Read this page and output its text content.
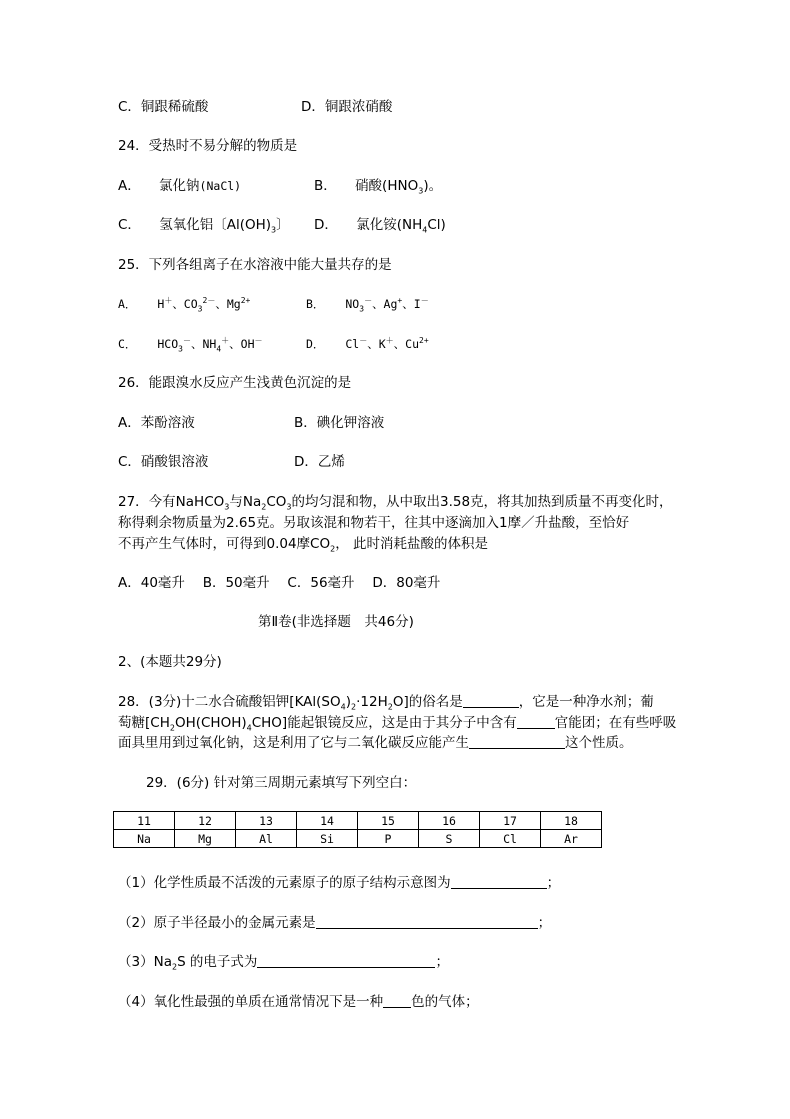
C．铜跟稀硫酸	D．铜跟浓硝酸
24．受热时不易分解的物质是
A． 氯化钠(NaCl)	B． 硝酸$(HNO_3)$。
C． 氢氧化铝〔$Al(OH)_3$〕 D． 氯化铵$(NH_4Cl)$
25．下列各组离子在水溶液中能大量共存的是
A． H＋、$CO_3^{2-}$、$Mg^{2+}$	B． $NO_3^-$、Ag+、I－
C． $HCO_3^-$、$NH_4^+$、OH－	D． Cl－、K＋、$Cu^{2+}$
26．能跟溴水反应产生浅黄色沉淀的是
A．苯酚溶液	B．碘化钾溶液
C．硝酸银溶液	D．乙烯
27．今有NaHCO$_3$与$Na_2CO_3$的均匀混和物，从中取出3.58克，将其加热到质量不再变化时，
称得剩余物质量为2.65克。另取该混和物若干，往其中逐滴加入1摩／升盐酸，至恰好
不再产生气体时，可得到0.04摩$CO_2$， 此时消耗盐酸的体积是
A．40毫升　 B．50毫升　 C．56毫升　 D．80毫升
第Ⅱ卷(非选择题　共46分)
2、(本题共29分)
28．(3分)十二水合硫酸铝钾$[KAl(SO_4)_2\cdot 12H_2O]$的俗名是	，它是一种净水剂；葡
萄糖$[CH_2OH(CHOH)_4CHO]$能起银镜反应，这是由于其分子中含有	官能团；在有些呼吸
面具里用到过氧化钠，这是利用了它与二氧化碳反应能产生	这个性质。
29．(6分) 针对第三周期元素填写下列空白：
11	12	13	14	15	16	17	18
Na	Mg	Al	Si	P	S	Cl	Ar
（1）化学性质最不活泼的元素原子的原子结构示意图为	；
（2）原子半径最小的金属元素是	；
$(3)Na_2S$ 的电子式为	；
（4）氧化性最强的单质在通常情况下是一种 色的气体；
